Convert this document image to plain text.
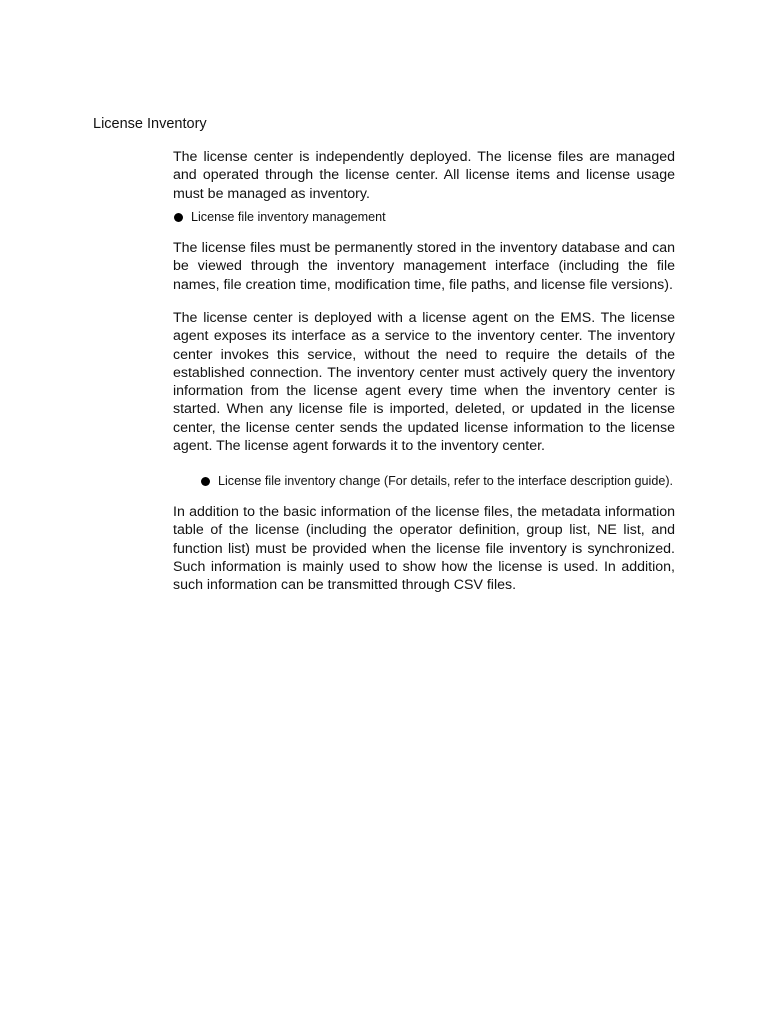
License Inventory

The license center is independently deployed. The license files are managed and operated through the license center. All license items and license usage must be managed as inventory.

License file inventory management

The license files must be permanently stored in the inventory database and can be viewed through the inventory management interface (including the file names, file creation time, modification time, file paths, and license file versions).

The license center is deployed with a license agent on the EMS. The license agent exposes its interface as a service to the inventory center. The inventory center invokes this service, without the need to require the details of the established connection. The inventory center must actively query the inventory information from the license agent every time when the inventory center is started. When any license file is imported, deleted, or updated in the license center, the license center sends the updated license information to the license agent. The license agent forwards it to the inventory center.

License file inventory change (For details, refer to the interface description guide).

In addition to the basic information of the license files, the metadata information table of the license (including the operator definition, group list, NE list, and function list) must be provided when the license file inventory is synchronized. Such information is mainly used to show how the license is used. In addition, such information can be transmitted through CSV files.
